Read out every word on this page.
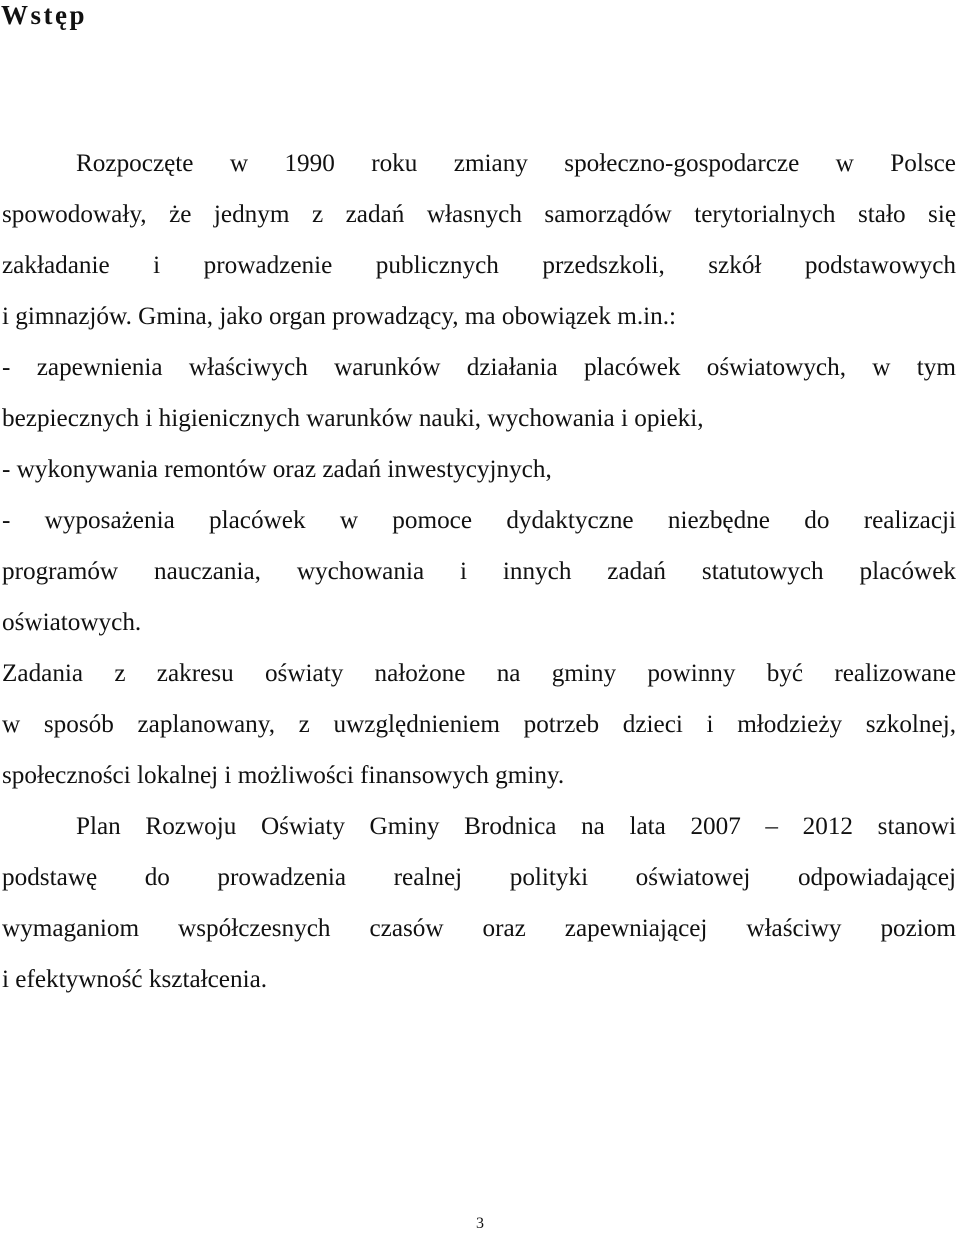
Wstęp
Rozpoczęte w 1990 roku zmiany społeczno-gospodarcze w Polsce
spowodowały, że jednym z zadań własnych samorządów terytorialnych stało się
zakładanie i prowadzenie publicznych przedszkoli, szkół podstawowych
i gimnazjów. Gmina, jako organ prowadzący, ma obowiązek m.in.:
- zapewnienia właściwych warunków działania placówek oświatowych, w tym
bezpiecznych i higienicznych warunków nauki, wychowania i opieki,
- wykonywania remontów oraz zadań inwestycyjnych,
- wyposażenia placówek w pomoce dydaktyczne niezbędne do realizacji
programów nauczania, wychowania i innych zadań statutowych placówek
oświatowych.
Zadania z zakresu oświaty nałożone na gminy powinny być realizowane
w sposób zaplanowany, z uwzględnieniem potrzeb dzieci i młodzieży szkolnej,
społeczności lokalnej i możliwości finansowych gminy.
Plan Rozwoju Oświaty Gminy Brodnica na lata 2007 – 2012 stanowi
podstawę do prowadzenia realnej polityki oświatowej odpowiadającej
wymaganiom współczesnych czasów oraz zapewniającej właściwy poziom
i efektywność kształcenia.
3
